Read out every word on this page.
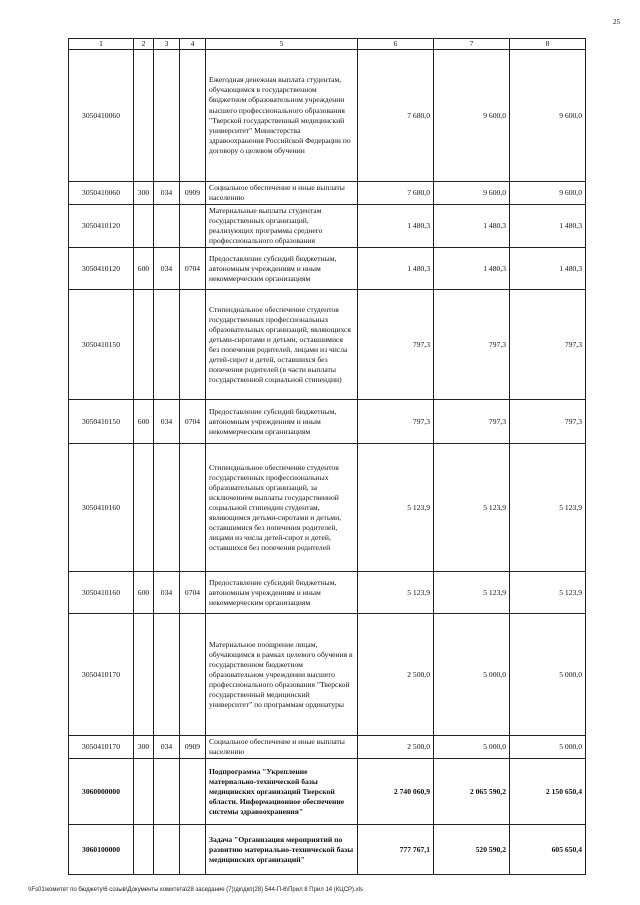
25
1	2	3	4	5	6	7	8
3050410060				Ежегодная денежная выплата студентам, обучающимся в государственном бюджетном образовательном учреждении высшего профессионального образования "Тверской государственный медицинский университет" Министерства здравоохранения Российской Федерации по договору о целевом обучении	7 680,0	9 600,0	9 600,0
3050410060	300	034	0909	Социальное обеспечение и иные выплаты населению	7 680,0	9 600,0	9 600,0
3050410120				Материальные выплаты студентам государственных организаций, реализующих программы среднего профессионального образования	1 480,3	1 480,3	1 480,3
3050410120	600	034	0704	Предоставление субсидий бюджетным, автономным учреждениям и иным некоммерческим организациям	1 480,3	1 480,3	1 480,3
3050410150				Стипендиальное обеспечение студентов государственных профессиональных образовательных организаций, являющихся детьми-сиротами и детьми, оставшимися без попечения родителей, лицами из числа детей-сирот и детей, оставшихся без попечения родителей (в части выплаты государственной социальной стипендии)	797,3	797,3	797,3
3050410150	600	034	0704	Предоставление субсидий бюджетным, автономным учреждениям и иным некоммерческим организациям	797,3	797,3	797,3
3050410160				Стипендиальное обеспечение студентов государственных профессиональных образовательных организаций, за исключением выплаты государственной социальной стипендии студентам, являющимся детьми-сиротами и детьми, оставшимися без попечения родителей, лицами из числа детей-сирот и детей, оставшихся без попечения родителей	5 123,9	5 123,9	5 123,9
3050410160	600	034	0704	Предоставление субсидий бюджетным, автономным учреждениям и иным некоммерческим организациям	5 123,9	5 123,9	5 123,9
3050410170				Материальное поощрение лицам, обучающимся в рамках целевого обучения в государственном бюджетном образовательном учреждении высшего профессионального образования "Тверской государственный медицинский университет" по программам ординатуры	2 500,0	5 000,0	5 000,0
3050410170	300	034	0909	Социальное обеспечение и иные выплаты населению	2 500,0	5 000,0	5 000,0
3060000000				Подпрограмма "Укрепление материально-технической базы медицинских организаций Тверской области. Информационное обеспечение системы здравоохранения"	2 740 060,9	2 065 590,2	2 150 650,4
3060100000				Задача "Организация мероприятий по развитию материально-технической базы медицинских организаций"	777 767,1	520 590,2	605 650,4
\\Fs01\комитет по бюджету\6 созыв\Документы комитета\28 заседание (7)\дк\дкп(28) 544-П-6\Прил 8 Прил 14 (КЦСР).xls
